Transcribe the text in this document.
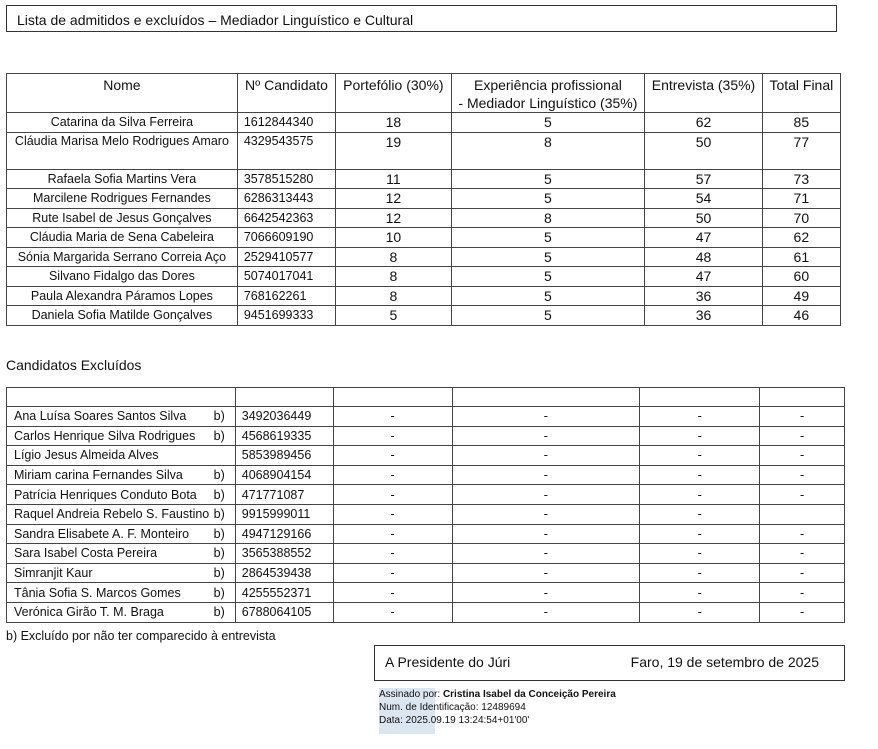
Lista de admitidos e excluídos – Mediador Linguístico e Cultural
Nome	Nº Candidato	Portefólio (30%)	Experiência profissional
- Mediador Linguístico (35%)	Entrevista (35%)	Total Final
Catarina da Silva Ferreira	1612844340	18	5	62	85
Cláudia Marisa Melo Rodrigues Amaro	4329543575	19	8	50	77
Rafaela Sofia Martins Vera	3578515280	11	5	57	73
Marcilene Rodrigues Fernandes	6286313443	12	5	54	71
Rute Isabel de Jesus Gonçalves	6642542363	12	8	50	70
Cláudia Maria de Sena Cabeleira	7066609190	10	5	47	62
Sónia Margarida Serrano Correia Aço	2529410577	8	5	48	61
Silvano Fidalgo das Dores	5074017041	8	5	47	60
Paula Alexandra Páramos Lopes	768162261	8	5	36	49
Daniela Sofia Matilde Gonçalves	9451699333	5	5	36	46
Candidatos Excluídos

Ana Luísa Soares Santos Silva b)	3492036449	-	-	-	-
Carlos Henrique Silva Rodrigues b)	4568619335	-	-	-	-
Lígio Jesus Almeida Alves	5853989456	-	-	-	-
Miriam carina Fernandes Silva b)	4068904154	-	-	-	-
Patrícia Henriques Conduto Bota b)	471771087	-	-	-	-
Raquel Andreia Rebelo S. Faustino b)	9915999011	-	-	-	
Sandra Elisabete A. F. Monteiro b)	4947129166	-	-	-	-
Sara Isabel Costa Pereira b)	3565388552	-	-	-	-
Simranjit Kaur b)	2864539438	-	-	-	-
Tânia Sofia S. Marcos Gomes b)	4255552371	-	-	-	-
Verónica Girão T. M. Braga b)	6788064105	-	-	-	-
b) Excluído por não ter comparecido à entrevista
A Presidente do Júri	Faro, 19 de setembro de 2025
Assinado por: Cristina Isabel da Conceição Pereira
Num. de Identificação: 12489694
Data: 2025.09.19 13:24:54+01'00'
